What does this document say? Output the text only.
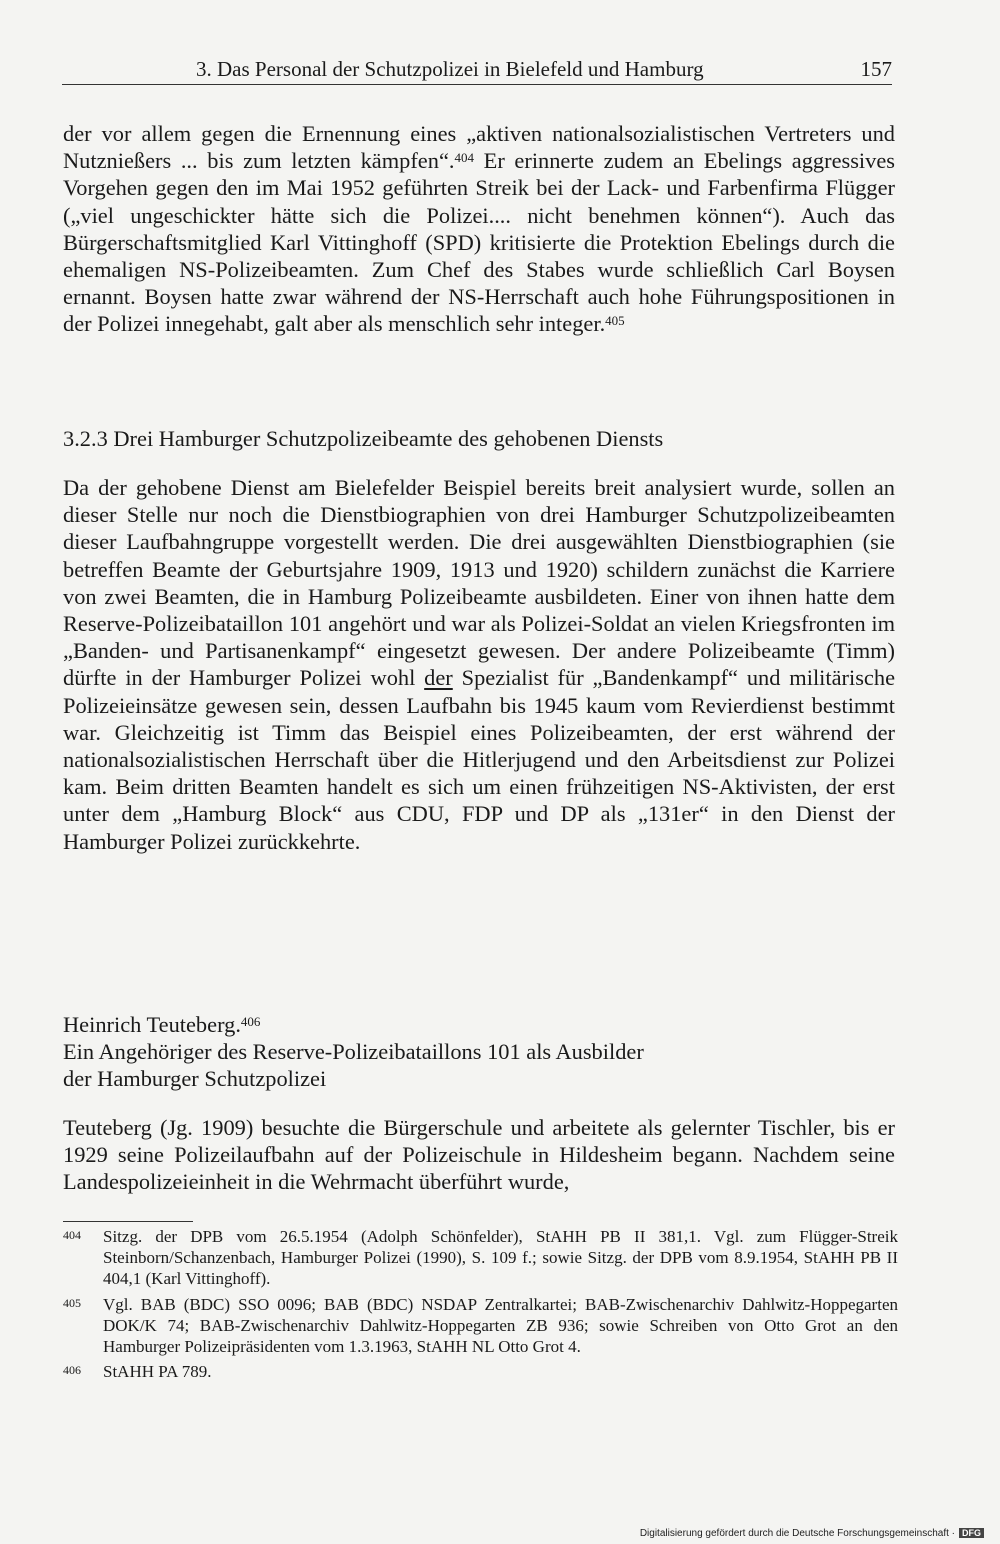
3. Das Personal der Schutzpolizei in Bielefeld und Hamburg	157

der vor allem gegen die Ernennung eines „aktiven nationalsozialistischen Vertreters und Nutznießers ... bis zum letzten kämpfen“.$^{404}$ Er erinnerte zudem an Ebelings aggressives Vorgehen gegen den im Mai 1952 geführten Streik bei der Lack- und Farbenfirma Flügger („viel ungeschickter hätte sich die Polizei.... nicht benehmen können“). Auch das Bürgerschaftsmitglied Karl Vittinghoff (SPD) kritisierte die Protektion Ebelings durch die ehemaligen NS-Polizeibeamten. Zum Chef des Stabes wurde schließlich Carl Boysen ernannt. Boysen hatte zwar während der NS-Herrschaft auch hohe Führungspositionen in der Polizei innegehabt, galt aber als menschlich sehr integer.$^{405}$

3.2.3 Drei Hamburger Schutzpolizeibeamte des gehobenen Diensts

Da der gehobene Dienst am Bielefelder Beispiel bereits breit analysiert wurde, sollen an dieser Stelle nur noch die Dienstbiographien von drei Hamburger Schutzpolizeibeamten dieser Laufbahngruppe vorgestellt werden. Die drei ausgewählten Dienstbiographien (sie betreffen Beamte der Geburtsjahre 1909, 1913 und 1920) schildern zunächst die Karriere von zwei Beamten, die in Hamburg Polizeibeamte ausbildeten. Einer von ihnen hatte dem Reserve-Polizeibataillon 101 angehört und war als Polizei-Soldat an vielen Kriegsfronten im „Banden- und Partisanenkampf“ eingesetzt gewesen. Der andere Polizeibeamte (Timm) dürfte in der Hamburger Polizei wohl der Spezialist für „Bandenkampf“ und militärische Polizeieinsätze gewesen sein, dessen Laufbahn bis 1945 kaum vom Revierdienst bestimmt war. Gleichzeitig ist Timm das Beispiel eines Polizeibeamten, der erst während der nationalsozialistischen Herrschaft über die Hitlerjugend und den Arbeitsdienst zur Polizei kam. Beim dritten Beamten handelt es sich um einen frühzeitigen NS-Aktivisten, der erst unter dem „Hamburg Block“ aus CDU, FDP und DP als „131er“ in den Dienst der Hamburger Polizei zurückkehrte.

Heinrich Teuteberg.$^{406}$
Ein Angehöriger des Reserve-Polizeibataillons 101 als Ausbilder
der Hamburger Schutzpolizei

Teuteberg (Jg. 1909) besuchte die Bürgerschule und arbeitete als gelernter Tischler, bis er 1929 seine Polizeilaufbahn auf der Polizeischule in Hildesheim begann. Nachdem seine Landespolizeieinheit in die Wehrmacht überführt wurde,

404 Sitzg. der DPB vom 26.5.1954 (Adolph Schönfelder), StAHH PB II 381,1. Vgl. zum Flügger-Streik Steinborn/Schanzenbach, Hamburger Polizei (1990), S. 109 f.; sowie Sitzg. der DPB vom 8.9.1954, StAHH PB II 404,1 (Karl Vittinghoff).
405 Vgl. BAB (BDC) SSO 0096; BAB (BDC) NSDAP Zentralkartei; BAB-Zwischenarchiv Dahlwitz-Hoppegarten DOK/K 74; BAB-Zwischenarchiv Dahlwitz-Hoppegarten ZB 936; sowie Schreiben von Otto Grot an den Hamburger Polizeipräsidenten vom 1.3.1963, StAHH NL Otto Grot 4.
406 StAHH PA 789.
Digitalisierung gefördert durch die Deutsche Forschungsgemeinschaft · DFG
